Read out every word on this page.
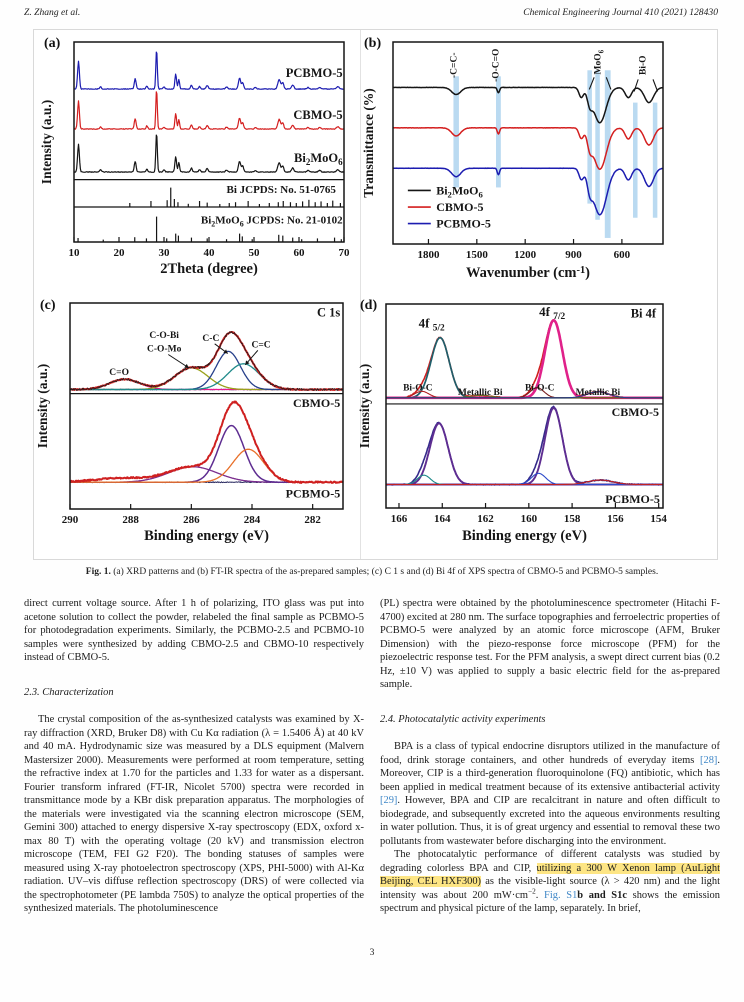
Z. Zhang et al.	Chemical Engineering Journal 410 (2021) 128430
(a)	(b)
(c)	(d)
Bi JCPDS: No. 51-0765
$Bi_2MoO_6$ JCPDS: No. 21-0102
PCBMO-5
CBMO-5
$Bi_2MoO_6$
10	20	30	40	50	60	70
2Theta (degree)
Intensity (a.u.)
1800 1500 1200	900	600
Wavenumber $(cm^{-1})$
Transmittance (%)
-C=C-	-O-C=O	MoO$_6$
Bi-O
$Bi_2MoO_6$
CBMO-5
PCBMO-5
290	288	286	284	282
Binding energy (eV)
Intensity (a.u.)
C 1s
C=O
C-O-Bi
C-O-Mo
C-C
C=C
CBMO-5
PCBMO-5
166 164 162 160 158 156 154
Binding energy (eV)
Intensity (a.u.)
4f $_{5/2}$
4f $_{7/2}$	Bi 4f
Bi-O-C	Metallic Bi Bi-O-C Metallic Bi
CBMO-5
PCBMO-5
Fig. 1. (a) XRD patterns and (b) FT-IR spectra of the as-prepared samples; (c) C 1 s and (d) Bi 4f of XPS spectra of CBMO-5 and PCBMO-5 samples.

direct current voltage source. After 1 h of polarizing, ITO glass was put into acetone solution to collect the powder, relabeled the final sample as PCBMO-5 for photodegradation experiments. Similarly, the PCBMO-2.5 and PCBMO-10 samples were synthesized by adding CBMO-2.5 and CBMO-10 respectively instead of CBMO-5.

2.3. Characterization

The crystal composition of the as-synthesized catalysts was examined by X-ray diffraction (XRD, Bruker D8) with Cu Kα radiation (λ = 1.5406 Å) at 40 kV and 40 mA. Hydrodynamic size was measured by a DLS equipment (Malvern Mastersizer 2000). Measurements were performed at room temperature, setting the refractive index at 1.70 for the particles and 1.33 for water as a dispersant. Fourier transform infrared (FT-IR, Nicolet 5700) spectra were recorded in transmittance mode by a KBr disk preparation apparatus. The morphologies of the materials were investigated via the scanning electron microscope (SEM, Gemini 300) attached to energy dispersive X-ray spectroscopy (EDX, oxford x-max 80 T) with the operating voltage (20 kV) and transmission electron microscope (TEM, FEI G2 F20). The bonding statuses of samples were measured using X-ray photoelectron spectroscopy (XPS, PHI-5000) with Al-Kα radiation. UV–vis diffuse reflection spectroscopy (DRS) of were collected via the spectrophotometer (PE lambda 750S) to analyze the optical properties of the synthesized materials. The photoluminescence

(PL) spectra were obtained by the photoluminescence spectrometer (Hitachi F-4700) excited at 280 nm. The surface topographies and ferroelectric properties of PCBMO-5 were analyzed by an atomic force microscope (AFM, Bruker Dimension) with the piezo-response force microscope (PFM) for the piezoelectric response test. For the PFM analysis, a swept direct current bias (0.2 Hz, ±10 V) was applied to supply a basic electric field for the as-prepared sample.

2.4. Photocatalytic activity experiments

BPA is a class of typical endocrine disruptors utilized in the manufacture of food, drink storage containers, and other hundreds of everyday items [28]. Moreover, CIP is a third-generation fluoroquinolone (FQ) antibiotic, which has been applied in medical treatment because of its extensive antibacterial activity [29]. However, BPA and CIP are recalcitrant in nature and often difficult to biodegrade, and subsequently excreted into the aqueous environments resulting in water pollution. Thus, it is of great urgency and essential to removal these two pollutants from wastewater before discharging into the environment.

The photocatalytic performance of different catalysts was studied by degrading colorless BPA and CIP, utilizing a 300 W Xenon lamp (AuLight Beijing, CEL HXF300) as the visible-light source (λ > 420 nm) and the light intensity was about 200 $mW\cdot cm^{-2}$. Fig. S1b and S1c shows the emission spectrum and physical picture of the lamp, separately. In brief,

3
